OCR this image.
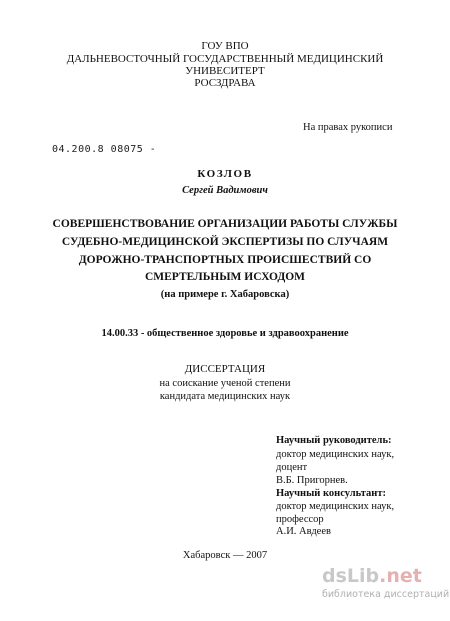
ГОУ ВПО
ДАЛЬНЕВОСТОЧНЫЙ ГОСУДАРСТВЕННЫЙ МЕДИЦИНСКИЙ
УНИВЕСИТЕРТ
РОСЗДРАВА
На правах рукописи
04.200.8 08075 -
КОЗЛОВ
Сергей Вадимович
СОВЕРШЕНСТВОВАНИЕ ОРГАНИЗАЦИИ РАБОТЫ СЛУЖБЫ
СУДЕБНО-МЕДИЦИНСКОЙ ЭКСПЕРТИЗЫ ПО СЛУЧАЯМ
ДОРОЖНО-ТРАНСПОРТНЫХ ПРОИСШЕСТВИЙ СО
СМЕРТЕЛЬНЫМ ИСХОДОМ
(на примере г. Хабаровска)
14.00.33 - общественное здоровье и здравоохранение
ДИССЕРТАЦИЯ
на соискание ученой степени
кандидата медицинских наук
Научный руководитель:
доктор медицинских наук,
доцент
В.Б. Пригорнев.
Научный консультант:
доктор медицинских наук,
профессор
А.И. Авдеев
Хабаровск — 2007
dsLib.net
библиотека диссертаций
